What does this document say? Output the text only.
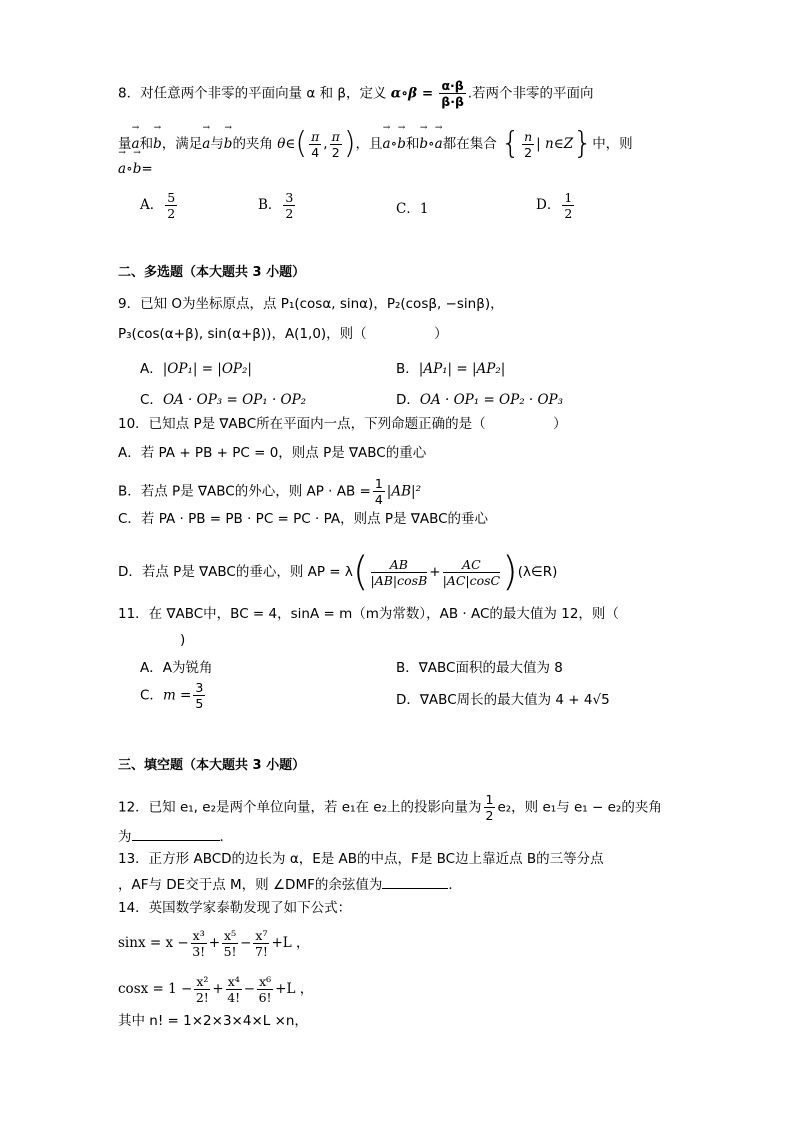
8．对任意两个非零的平面向量 α 和 β，定义 α∘β = $\frac{\alpha\cdot\beta}{\beta\cdot\beta}$ .若两个非零的平面向
量→ a和→ b，满足→ a与→ b的夹角 θ∈( $\frac{\pi}{4}$ , $\frac{\pi}{2}$ )，且→ a∘→ b和→ b∘→ a都在集合 { $\frac{n}{2}$ | n∈Z}中，则
→ a∘→ b=
A． $\frac{5}{2}$	B． $\frac{3}{2}$	C．1	D． $\frac{1}{2}$
二、多选题（本大题共 3 小题）
9．已知 O为坐标原点，点 P₁(cosα, sinα)，P₂(cosβ, −sinβ)，
P₃(cos(α+β), sin(α+β))，A(1,0)，则（　　　　　）
A．|OP₁| = |OP₂|	B．|AP₁| = |AP₂|
C．OA · OP₃ = OP₁ · OP₂	D．OA · OP₁ = OP₂ · OP₃
10．已知点 P是 ∇ABC所在平面内一点，下列命题正确的是（　　　　　）
A．若 PA + PB + PC = 0，则点 P是 ∇ABC的重心
B．若点 P是 ∇ABC的外心，则 AP · AB = $\frac{1}{4} |AB|^2$
C．若 PA · PB = PB · PC = PC · PA，则点 P是 ∇ABC的垂心
D．若点 P是 ∇ABC的垂心，则 AP = $\lambda( \frac{AB}{|AB|\cos B} + \frac{AC}{|AC|\cos C}$ )(λ∈R)
11．在 ∇ABC中，BC = 4，sinA = m（m为常数），AB · AC的最大值为 12，则（
)
A．A为锐角	B．∇ABC面积的最大值为 8
C．$m = \frac{3}{5}$	D．∇ABC周长的最大值为 4 + 4√5
三、填空题（本大题共 3 小题）
12．已知 e₁, e₂是两个单位向量，若 e₁在 e₂上的投影向量为 $\frac{1}{2} e_2$，则 e₁与 e₁ − e₂的夹角
为	．
13．正方形 ABCD的边长为 α，E是 AB的中点，F是 BC边上靠近点 B的三等分点
，AF与 DE交于点 M，则 ∠DMF的余弦值为	．
14．英国数学家泰勒发现了如下公式：
$\sin x = x - \frac{\text{x³}}{3!} + \frac{\text{x⁵}}{5!} - \frac{\text{x⁷}}{7!} +L$ ，
$\cos x = 1 - \frac{\text{x²}}{2!} + \frac{\text{x⁴}}{4!} - \frac{\text{x⁶}}{6!} +L$ ，
其中 n! = 1×2×3×4×L ×n，
